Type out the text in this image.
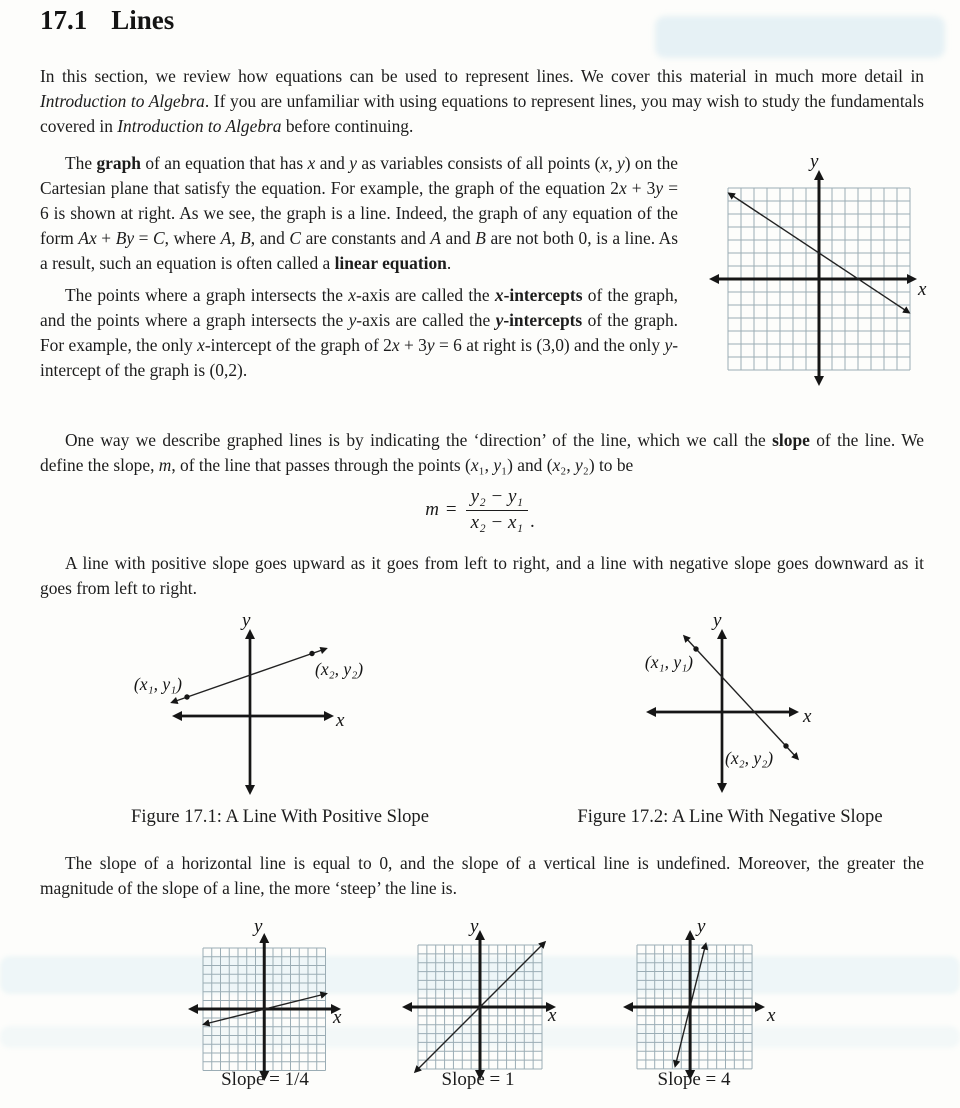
17.1 Lines
In this section, we review how equations can be used to represent lines. We cover this material in much more detail in Introduction to Algebra. If you are unfamiliar with using equations to represent lines, you may wish to study the fundamentals covered in Introduction to Algebra before continuing.
y
x

The graph of an equation that has x and y as variables consists of all points (x, y) on the Cartesian plane that satisfy the equation. For example, the graph of the equation 2x + 3y = 6 is shown at right. As we see, the graph is a line. Indeed, the graph of any equation of the form Ax + By = C, where A, B, and C are constants and A and B are not both 0, is a line. As a result, such an equation is often called a linear equation.

The points where a graph intersects the x-axis are called the x-intercepts of the graph, and the points where a graph intersects the y-axis are called the y-intercepts of the graph. For example, the only x-intercept of the graph of 2x + 3y = 6 at right is (3,0) and the only y-intercept of the graph is (0,2).

One way we describe graphed lines is by indicating the ‘direction’ of the line, which we call the slope of the line. We define the slope, m, of the line that passes through the points (x₁, y₁) and (x₂, y₂) to be
$m = \frac{\text{y₂ − y₁}}{\text{x₂ − x₁}}$ .
A line with positive slope goes upward as it goes from left to right, and a line with negative slope goes downward as it goes from left to right.
y
x
(x₁, y₁)
(x₂, y₂)
y
x
(x₁, y₁)
(x₂, y₂)
Figure 17.1: A Line With Positive Slope	Figure 17.2: A Line With Negative Slope
The slope of a horizontal line is equal to 0, and the slope of a vertical line is undefined. Moreover, the greater the magnitude of the slope of a line, the more ‘steep’ the line is.
y
x
y
x
y
x
Slope = 1/4	Slope = 1	Slope = 4
